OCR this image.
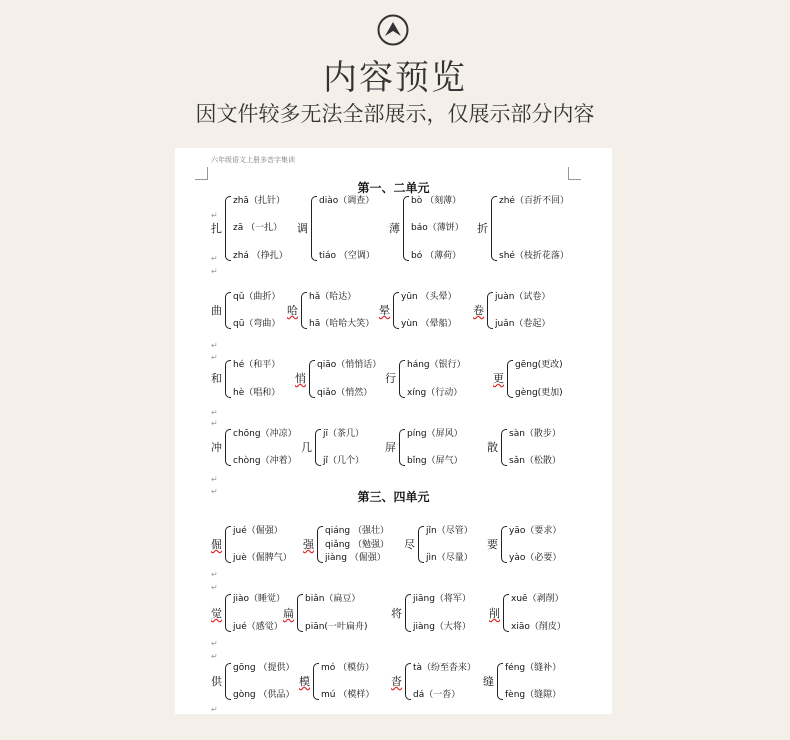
内容预览
因文件较多无法全部展示，仅展示部分内容
六年级语文上册多音字集训
第一、二单元
第三、四单元
扎
zhā（扎针）
zā （一扎）
zhá （挣扎）
调
diào（调查）
tiáo （空调）
薄
bò （刻薄）
báo（薄饼）
bó （薄荷）
折
zhé（百折不回）
shé（枝折花落）
曲
qǔ（曲折）
qū（弯曲）
哈
hǎ（哈达）
hā（哈哈大笑）
晕
yūn （头晕）
yùn （晕船）
卷
juàn（试卷）
juǎn（卷起）
和
hé（和平）
hè（唱和）
悄
qiāo（悄悄话）
qiǎo（悄然）
行
háng（银行）
xíng（行动）
更
gēng(更改)
gèng(更加)
冲
chōng（冲凉）
chòng（冲着）
几
jī（茶几）
jǐ（几个）
屏
píng（屏风）
bǐng（屏气）
散
sàn（散步）
sǎn（松散）
倔
jué（倔强）
juè（倔脾气）
强
qiáng （强壮）
qiǎng （勉强）
jiàng （倔强）
尽
jǐn（尽管）
jìn（尽量）
要
yāo（要求）
yào（必要）
觉
jiào（睡觉）
jué（感觉）
扁
biǎn（扁豆）
piān(一叶扁舟)
将
jiāng（将军）
jiàng（大将）
削
xuē（剥削）
xiāo（削皮）
供
gōng （提供）
gòng （供品）
模
mó （模仿）
mú （模样）
沓
tà（纷至沓来）
dá（一沓）
缝
féng（缝补）
fèng（缝隙）
↵
↵
↵
↵
↵
↵
↵
↵
↵
↵
↵
↵
↵
↵
